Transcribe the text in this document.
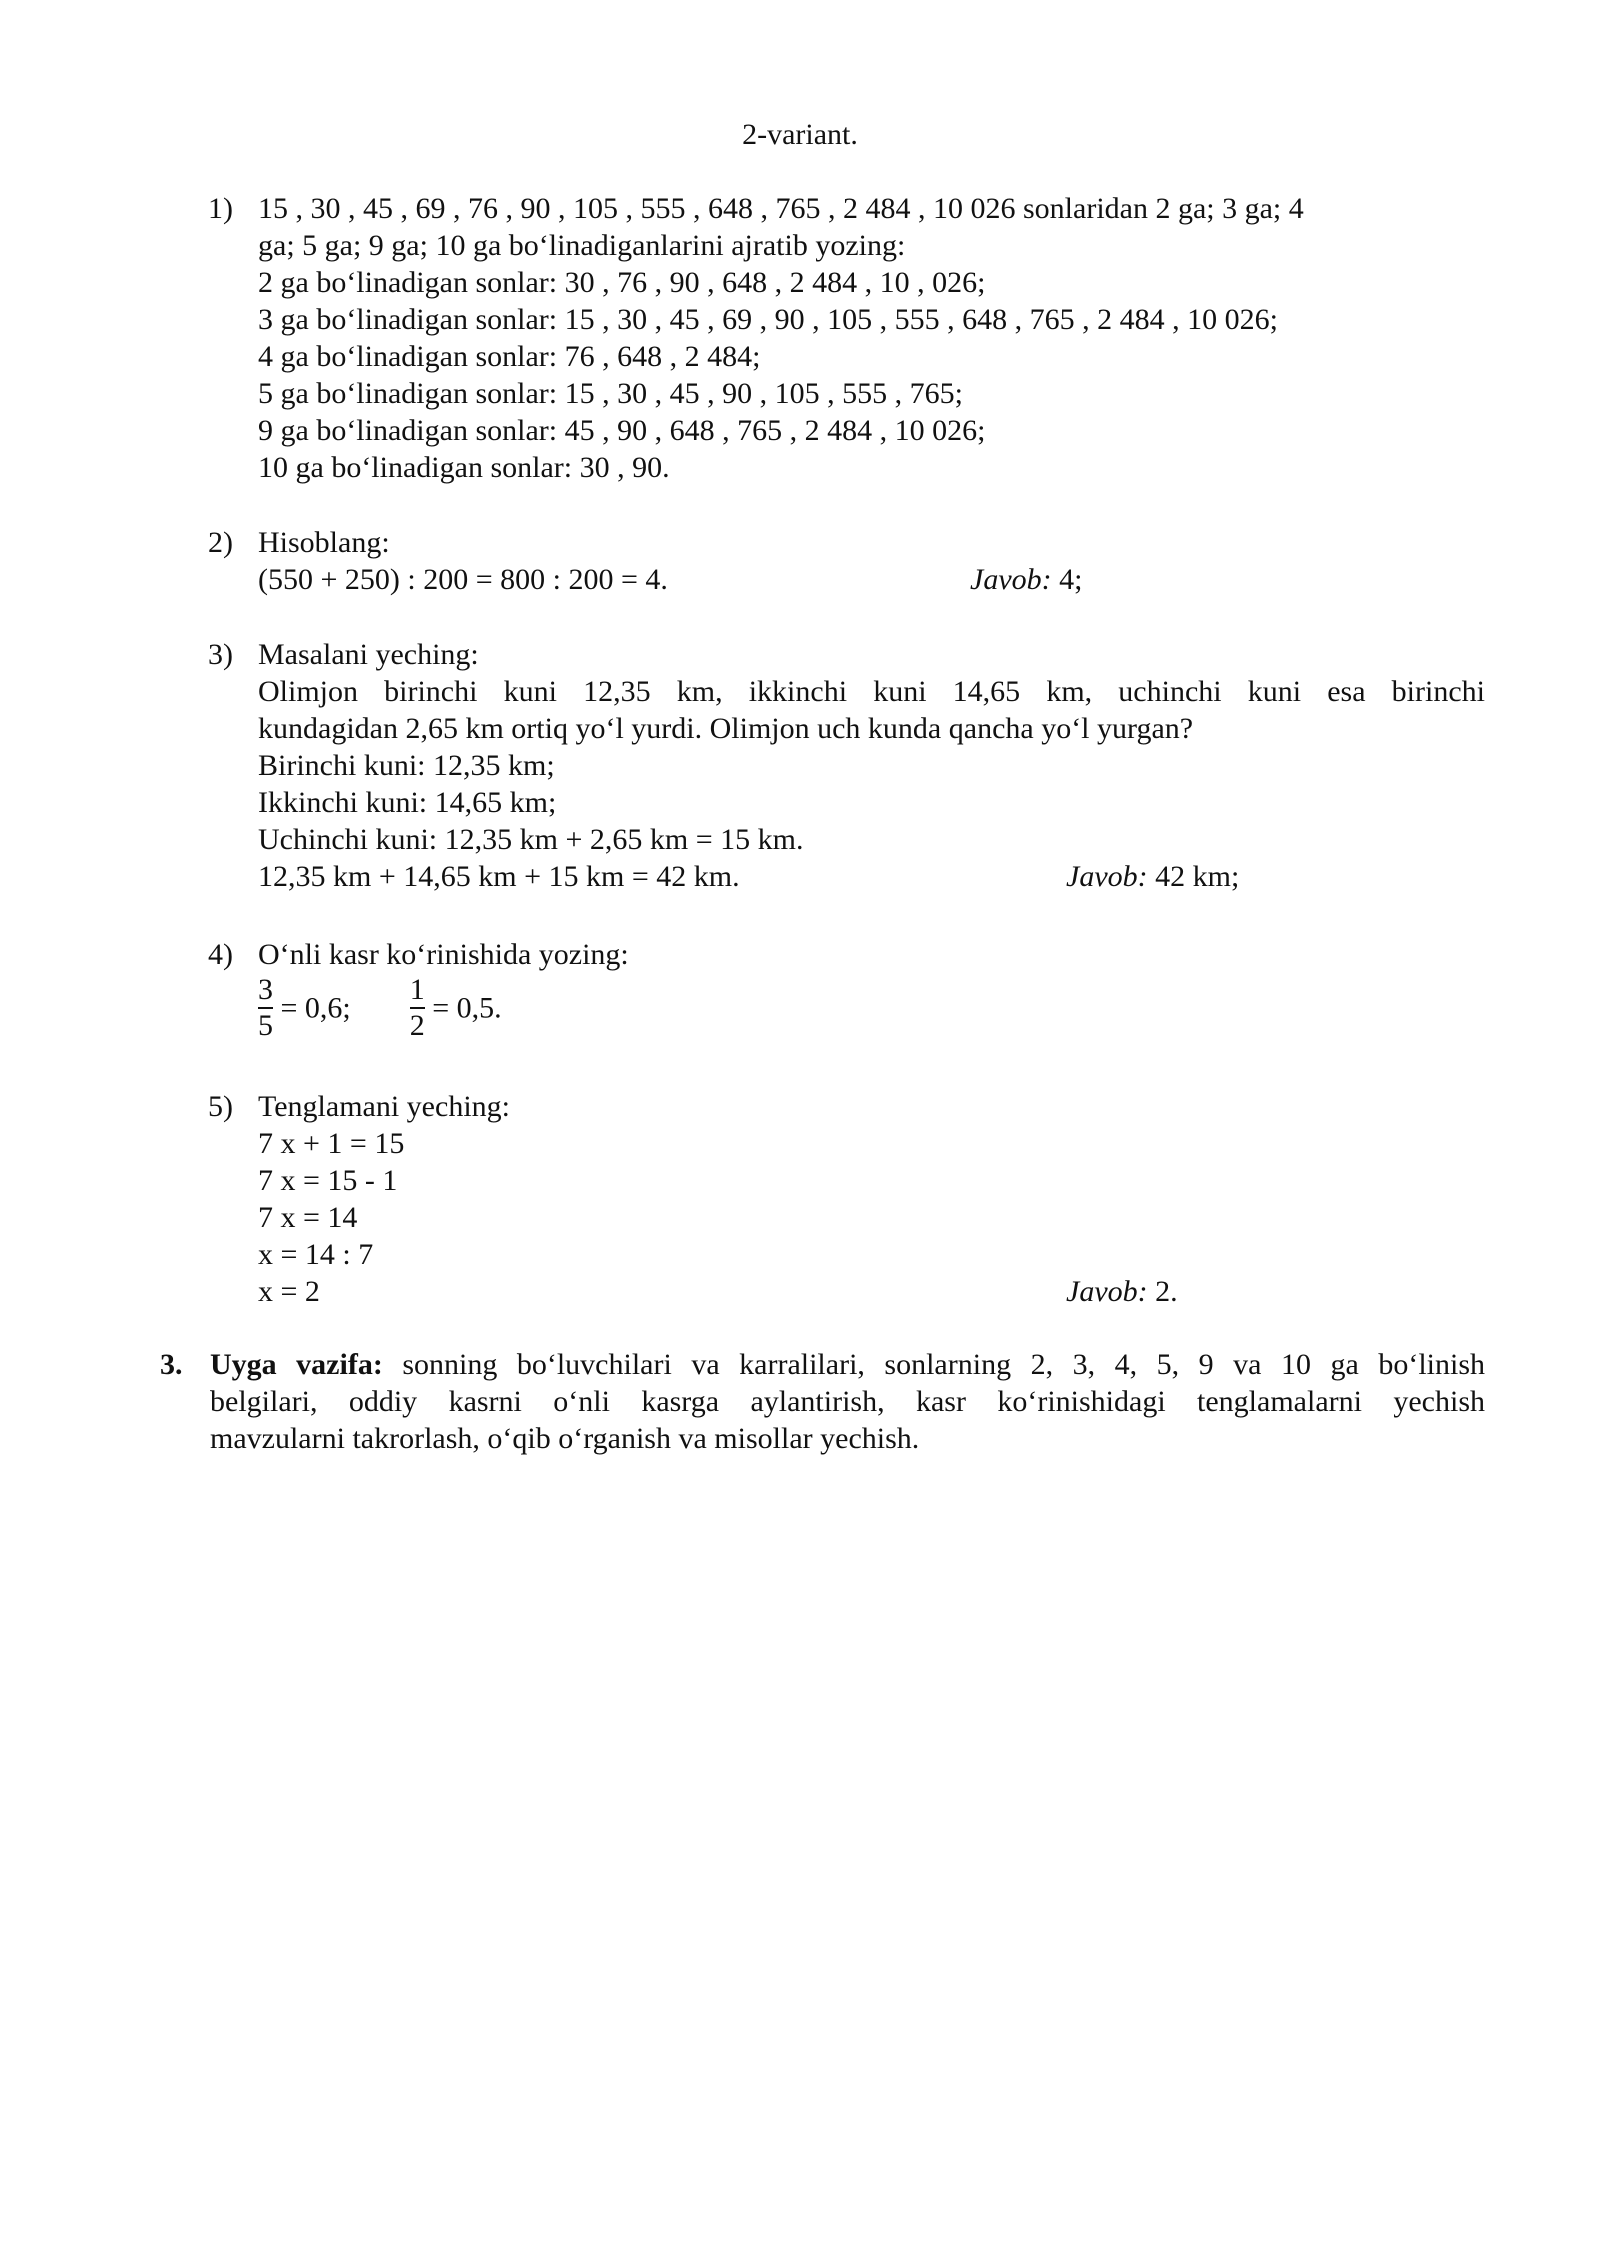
2-variant.
1) 15 , 30 , 45 , 69 , 76 , 90 , 105 , 555 , 648 , 765 , 2 484 , 10 026 sonlaridan 2 ga; 3 ga; 4
ga; 5 ga; 9 ga; 10 ga boʻlinadiganlarini ajratib yozing:
2 ga boʻlinadigan sonlar: 30 , 76 , 90 , 648 , 2 484 , 10 , 026;
3 ga boʻlinadigan sonlar: 15 , 30 , 45 , 69 , 90 , 105 , 555 , 648 , 765 , 2 484 , 10 026;
4 ga boʻlinadigan sonlar: 76 , 648 , 2 484;
5 ga boʻlinadigan sonlar: 15 , 30 , 45 , 90 , 105 , 555 , 765;
9 ga boʻlinadigan sonlar: 45 , 90 , 648 , 765 , 2 484 , 10 026;
10 ga boʻlinadigan sonlar: 30 , 90.
2) Hisoblang:
(550 + 250) : 200 = 800 : 200 = 4.	Javob: 4;
3) Masalani yeching:
Olimjon birinchi kuni 12,35 km, ikkinchi kuni 14,65 km, uchinchi kuni esa birinchi
kundagidan 2,65 km ortiq yoʻl yurdi. Olimjon uch kunda qancha yoʻl yurgan?
Birinchi kuni: 12,35 km;
Ikkinchi kuni: 14,65 km;
Uchinchi kuni: 12,35 km + 2,65 km = 15 km.
12,35 km + 14,65 km + 15 km = 42 km.	Javob: 42 km;
4) Oʻnli kasr koʻrinishida yozing:
$\frac{3}{5} = 0,6$; $\frac{1}{2} = 0,5$.
5) Tenglamani yeching:
7 x + 1 = 15
7 x = 15 - 1
7 x = 14
x = 14 : 7
x = 2	Javob: 2.
3. Uyga vazifa: sonning boʻluvchilari va karralilari, sonlarning 2, 3, 4, 5, 9 va 10 ga boʻlinish
belgilari, oddiy kasrni oʻnli kasrga aylantirish, kasr koʻrinishidagi tenglamalarni yechish
mavzularni takrorlash, oʻqib oʻrganish va misollar yechish.
